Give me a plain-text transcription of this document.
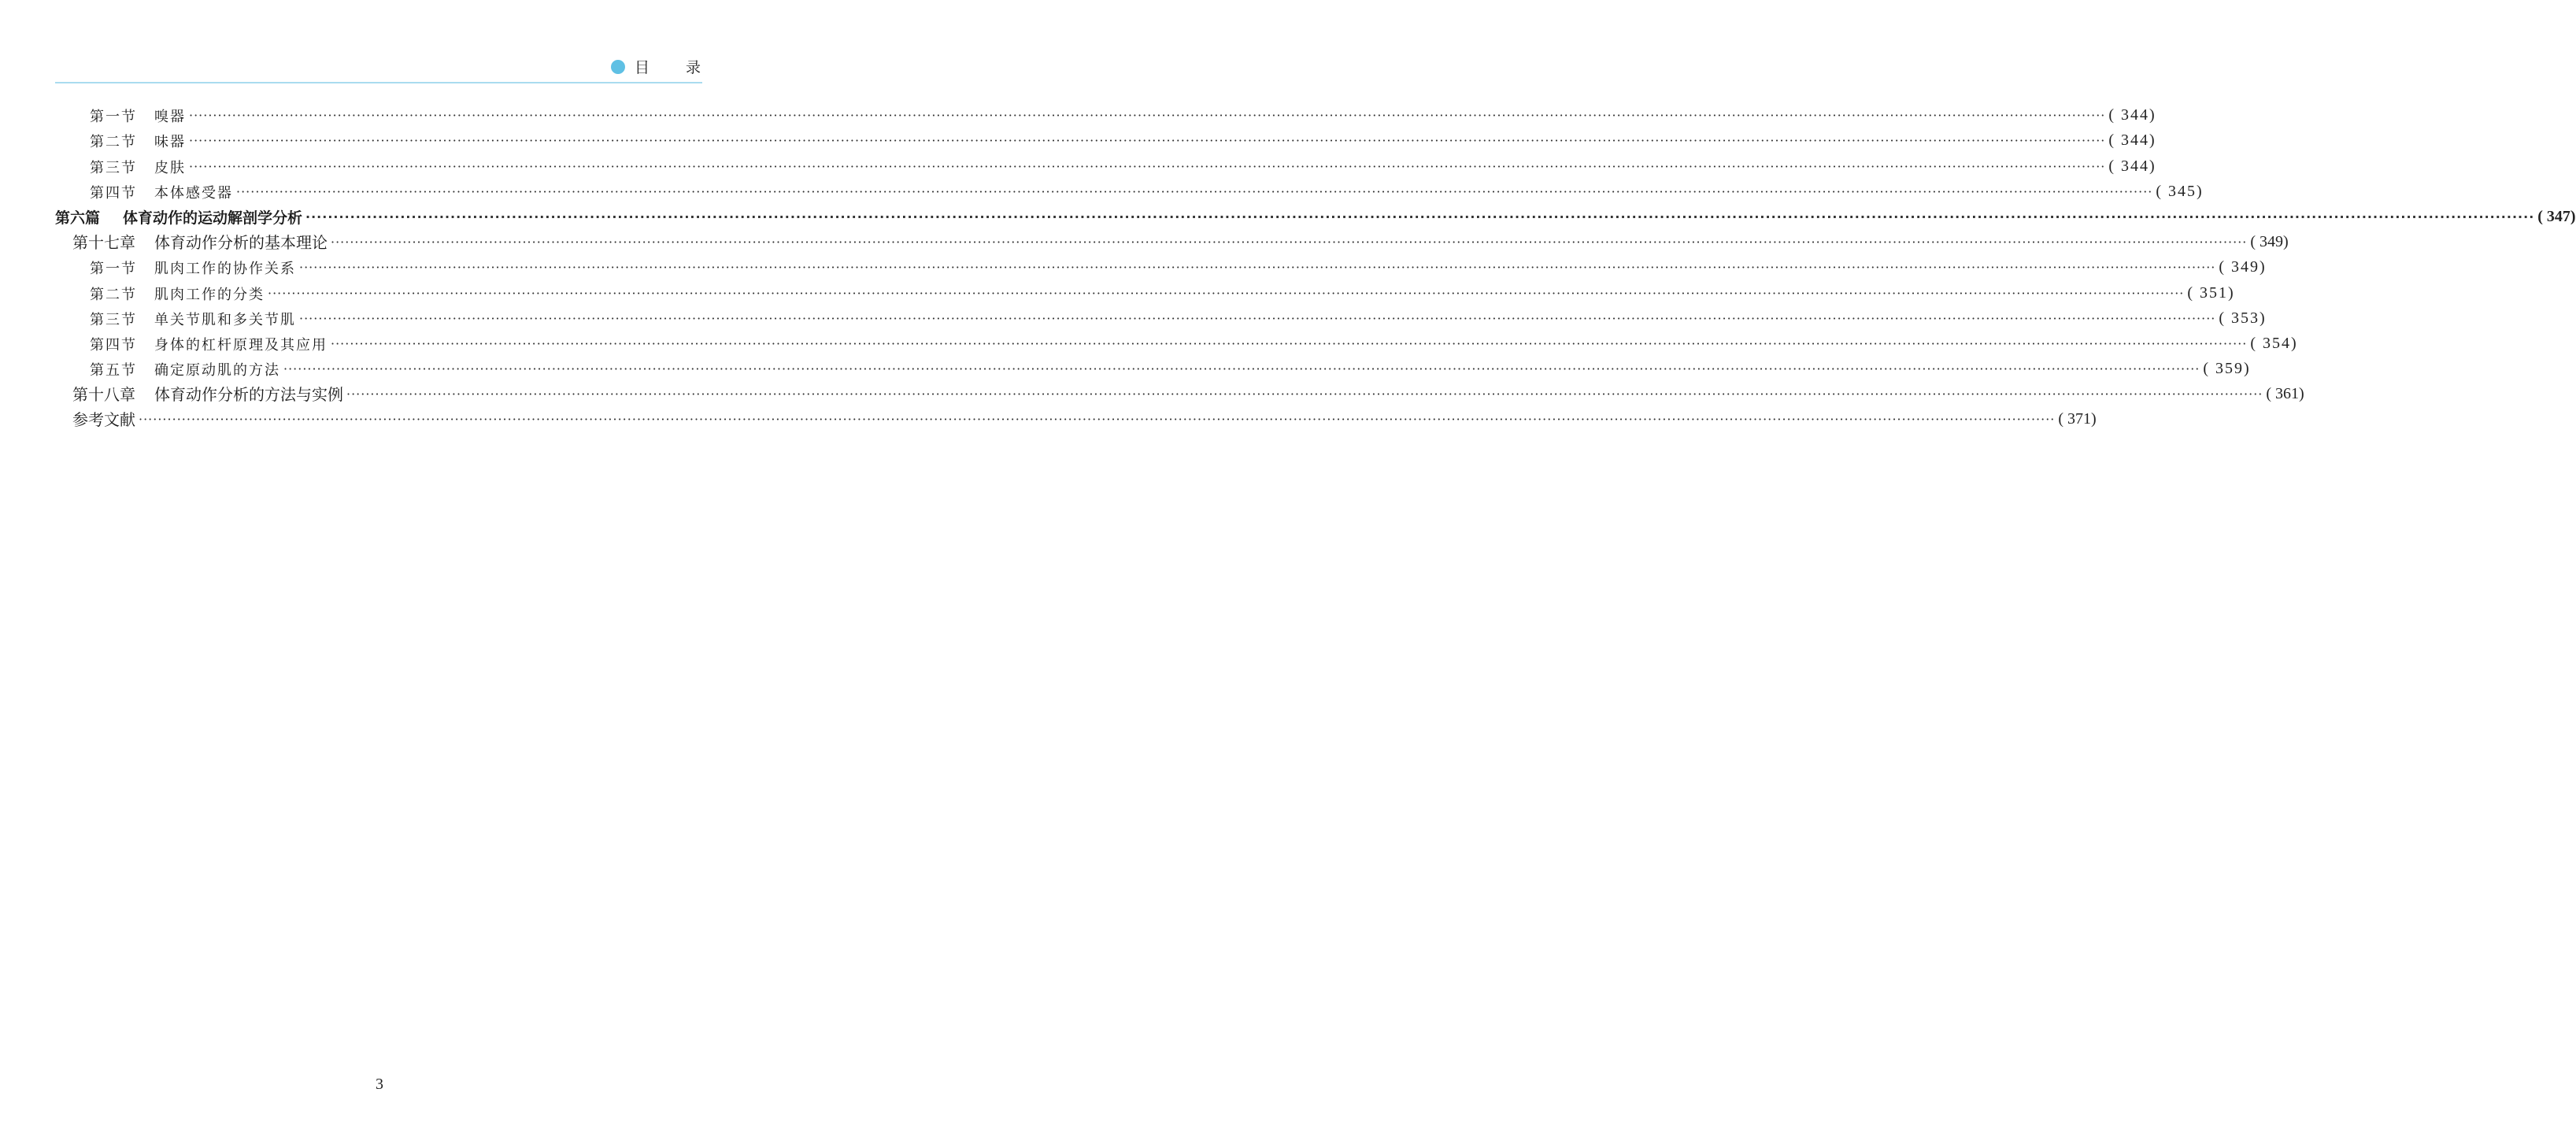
目 录
第一节	嗅器 ················································································································································································································································································································································································································ ( 344)
第二节	味器 ················································································································································································································································································································································································································ ( 344)
第三节	皮肤 ················································································································································································································································································································································································································ ( 344)
第四节	本体感受器 ················································································································································································································································································································································································································ ( 345)
第六篇	体育动作的运动解剖学分析 ················································································································································································································································································································································································································ ( 347)
第十七章	体育动作分析的基本理论 ················································································································································································································································································································································································································ ( 349)
第一节	肌肉工作的协作关系 ················································································································································································································································································································································································································ ( 349)
第二节	肌肉工作的分类 ················································································································································································································································································································································································································ ( 351)
第三节	单关节肌和多关节肌 ················································································································································································································································································································································································································ ( 353)
第四节	身体的杠杆原理及其应用 ················································································································································································································································································································································································································ ( 354)
第五节	确定原动肌的方法 ················································································································································································································································································································································································································ ( 359)
第十八章	体育动作分析的方法与实例 ················································································································································································································································································································································································································ ( 361)
参考文献 ················································································································································································································································································································································································································ ( 371)
3
